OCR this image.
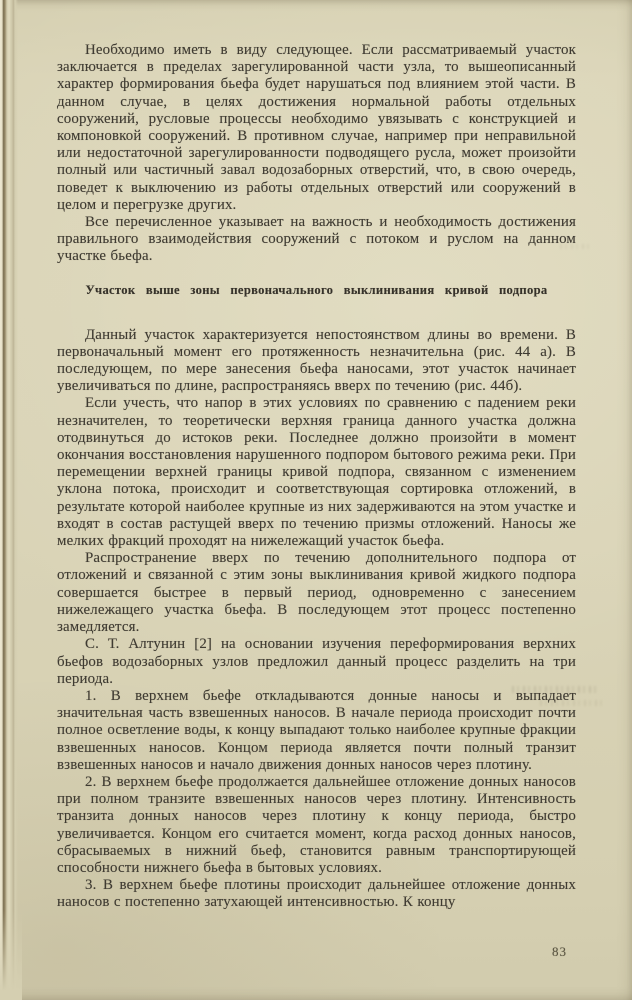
Необходимо иметь в виду следующее. Если рассматриваемый участок заключается в пределах зарегулированной части узла, то вышеописанный характер формирования бьефа будет нарушаться под влиянием этой части. В данном случае, в целях достижения нормальной работы отдельных сооружений, русловые процессы необходимо увязывать с конструкцией и компоновкой сооружений. В противном случае, например при неправильной или недостаточной зарегулированности подводящего русла, может произойти полный или частичный завал водозаборных отверстий, что, в свою очередь, поведет к выключению из работы отдельных отверстий или сооружений в целом и перегрузке других.

Все перечисленное указывает на важность и необходимость достижения правильного взаимодействия сооружений с потоком и руслом на данном участке бьефа.

Участок выше зоны первоначального выклинивания кривой подпора

Данный участок характеризуется непостоянством длины во времени. В первоначальный момент его протяженность незначительна (рис. 44 а). В последующем, по мере занесения бьефа наносами, этот участок начинает увеличиваться по длине, распространяясь вверх по течению (рис. 44б).

Если учесть, что напор в этих условиях по сравнению с падением реки незначителен, то теоретически верхняя граница данного участка должна отодвинуться до истоков реки. Последнее должно произойти в момент окончания восстановления нарушенного подпором бытового режима реки. При перемещении верхней границы кривой подпора, связанном с изменением уклона потока, происходит и соответствующая сортировка отложений, в результате которой наиболее крупные из них задерживаются на этом участке и входят в состав растущей вверх по течению призмы отложений. Наносы же мелких фракций проходят на нижележащий участок бьефа.

Распространение вверх по течению дополнительного подпора от отложений и связанной с этим зоны выклинивания кривой жидкого подпора совершается быстрее в первый период, одновременно с занесением нижележащего участка бьефа. В последующем этот процесс постепенно замедляется.

С. Т. Алтунин [2] на основании изучения переформирования верхних бьефов водозаборных узлов предложил данный процесс разделить на три периода.

1. В верхнем бьефе откладываются донные наносы и выпадает значительная часть взвешенных наносов. В начале периода происходит почти полное осветление воды, к концу выпадают только наиболее крупные фракции взвешенных наносов. Концом периода является почти полный транзит взвешенных наносов и начало движения донных наносов через плотину.

2. В верхнем бьефе продолжается дальнейшее отложение донных наносов при полном транзите взвешенных наносов через плотину. Интенсивность транзита донных наносов через плотину к концу периода, быстро увеличивается. Концом его считается момент, когда расход донных наносов, сбрасываемых в нижний бьеф, становится равным транспортирующей способности нижнего бьефа в бытовых условиях.

3. В верхнем бьефе плотины происходит дальнейшее отложение донных наносов с постепенно затухающей интенсивностью. К концу

83
